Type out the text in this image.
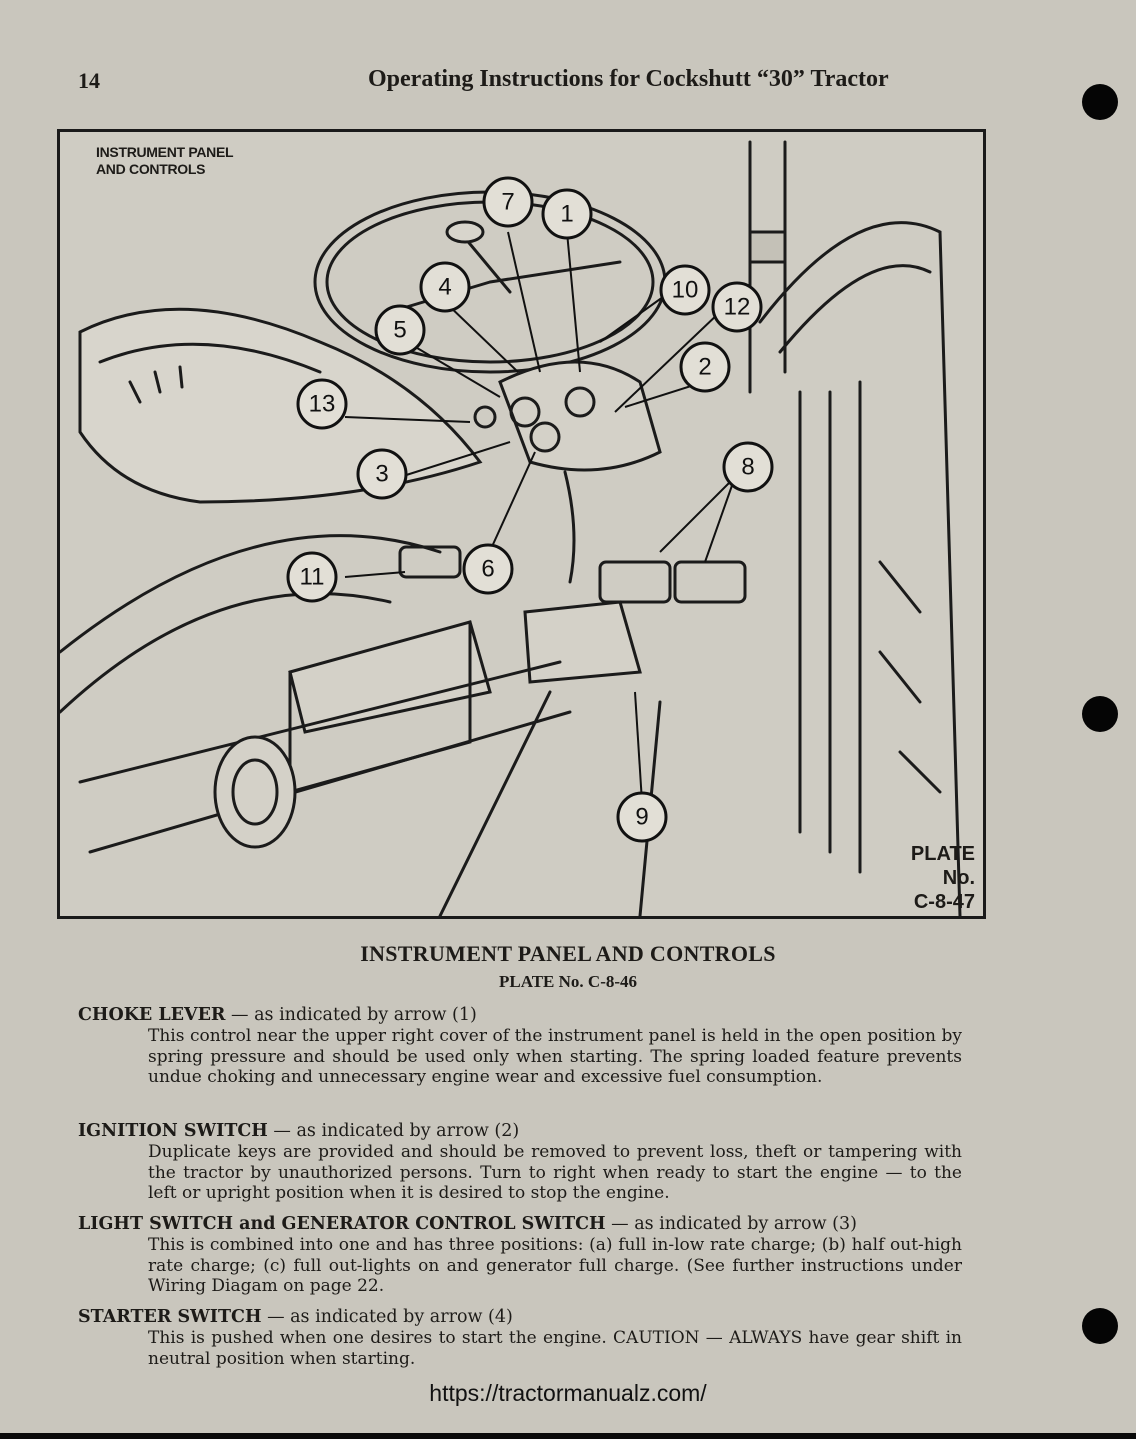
14	Operating Instructions for Cockshutt “30” Tractor
7 1
4	10
12
5
2
13
3	8
11	6
9
INSTRUMENT PANEL
AND CONTROLS
PLATE
No.
C-8-47
INSTRUMENT PANEL AND CONTROLS
PLATE No. C-8-46
CHOKE LEVER — as indicated by arrow (1)
This control near the upper right cover of the instrument panel is held in the open position by spring pressure and should be used only when starting. The spring loaded feature prevents undue choking and unnecessary engine wear and excessive fuel consumption.
IGNITION SWITCH — as indicated by arrow (2)
Duplicate keys are provided and should be removed to prevent loss, theft or tampering with the tractor by unauthorized persons. Turn to right when ready to start the engine — to the left or upright position when it is desired to stop the engine.
LIGHT SWITCH and GENERATOR CONTROL SWITCH — as indicated by arrow (3)
This is combined into one and has three positions: (a) full in-low rate charge; (b) half out-high rate charge; (c) full out-lights on and generator full charge. (See further instructions under Wiring Diagam on page 22.
STARTER SWITCH — as indicated by arrow (4)
This is pushed when one desires to start the engine. CAUTION — ALWAYS have gear shift in neutral position when starting.
https://tractormanualz.com/
